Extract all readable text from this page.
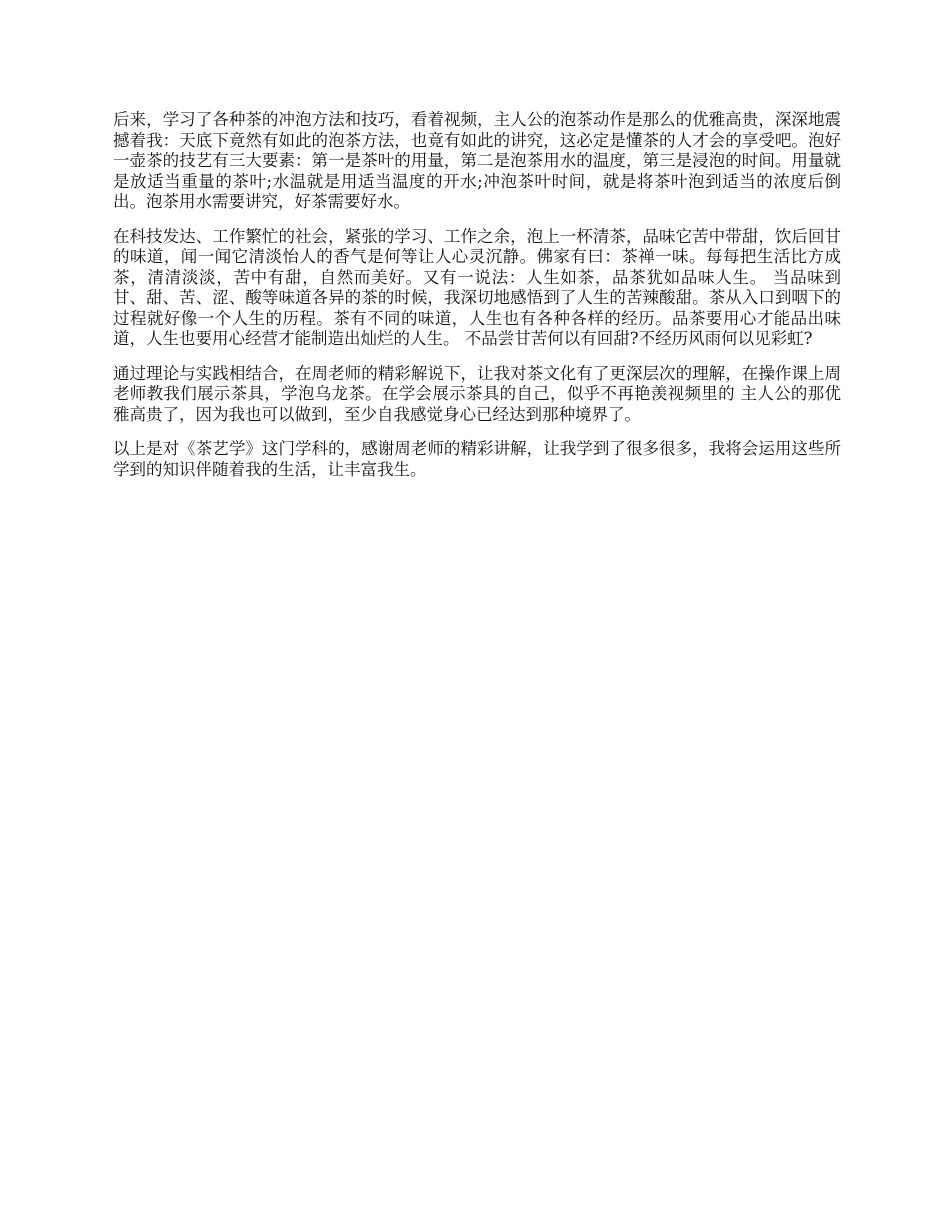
后来，学习了各种茶的冲泡方法和技巧，看着视频，主人公的泡茶动作是那么的优雅高贵，深深地震撼着我：天底下竟然有如此的泡茶方法，也竟有如此的讲究，这必定是懂茶的人才会的享受吧。泡好一壶茶的技艺有三大要素：第一是茶叶的用量，第二是泡茶用水的温度，第三是浸泡的时间。用量就是放适当重量的茶叶;水温就是用适当温度的开水;冲泡茶叶时间，就是将茶叶泡到适当的浓度后倒出。泡茶用水需要讲究，好茶需要好水。

在科技发达、工作繁忙的社会，紧张的学习、工作之余，泡上一杯清茶，品味它苦中带甜，饮后回甘的味道，闻一闻它清淡怡人的香气是何等让人心灵沉静。佛家有曰：茶禅一味。每每把生活比方成茶，清清淡淡，苦中有甜，自然而美好。又有一说法：人生如茶，品茶犹如品味人生。 当品味到甘、甜、苦、涩、酸等味道各异的茶的时候，我深切地感悟到了人生的苦辣酸甜。茶从入口到咽下的过程就好像一个人生的历程。茶有不同的味道，人生也有各种各样的经历。品茶要用心才能品出味道，人生也要用心经营才能制造出灿烂的人生。 不品尝甘苦何以有回甜?不经历风雨何以见彩虹?

通过理论与实践相结合，在周老师的精彩解说下，让我对茶文化有了更深层次的理解，在操作课上周老师教我们展示茶具，学泡乌龙茶。在学会展示茶具的自己，似乎不再艳羡视频里的 主人公的那优雅高贵了，因为我也可以做到，至少自我感觉身心已经达到那种境界了。

以上是对《茶艺学》这门学科的，感谢周老师的精彩讲解，让我学到了很多很多，我将会运用这些所学到的知识伴随着我的生活，让丰富我生。
